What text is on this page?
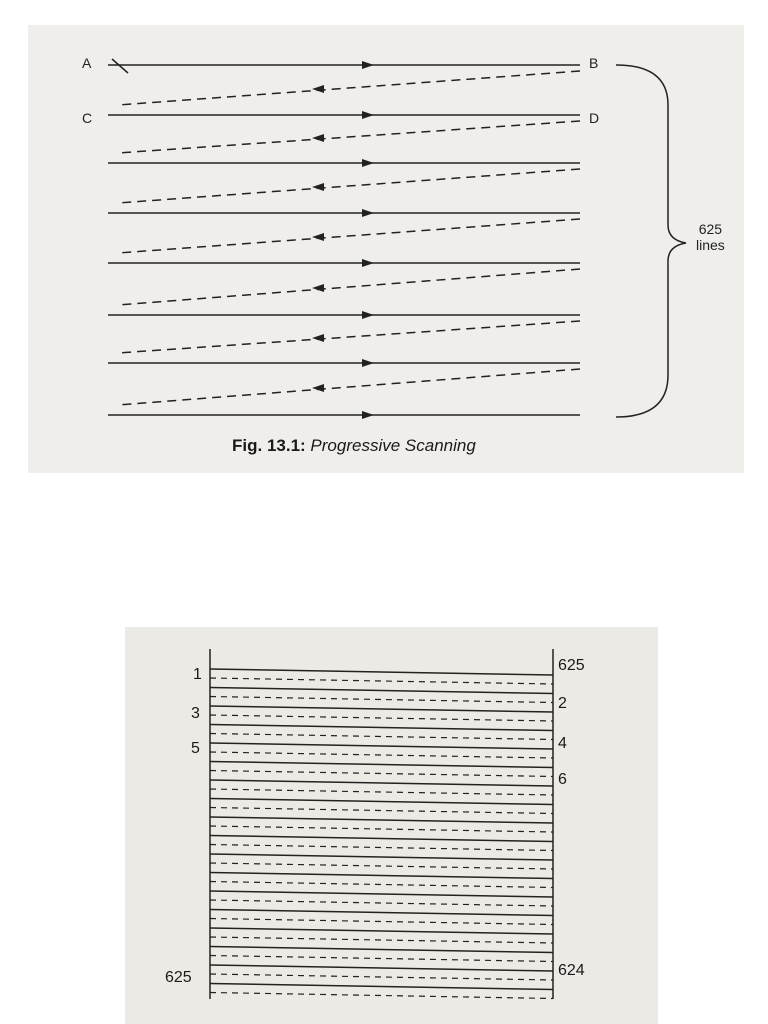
A	B
C	D
625
lines
Fig. 13.1: Progressive Scanning
1
3
5
625
625
2
4
6
624
